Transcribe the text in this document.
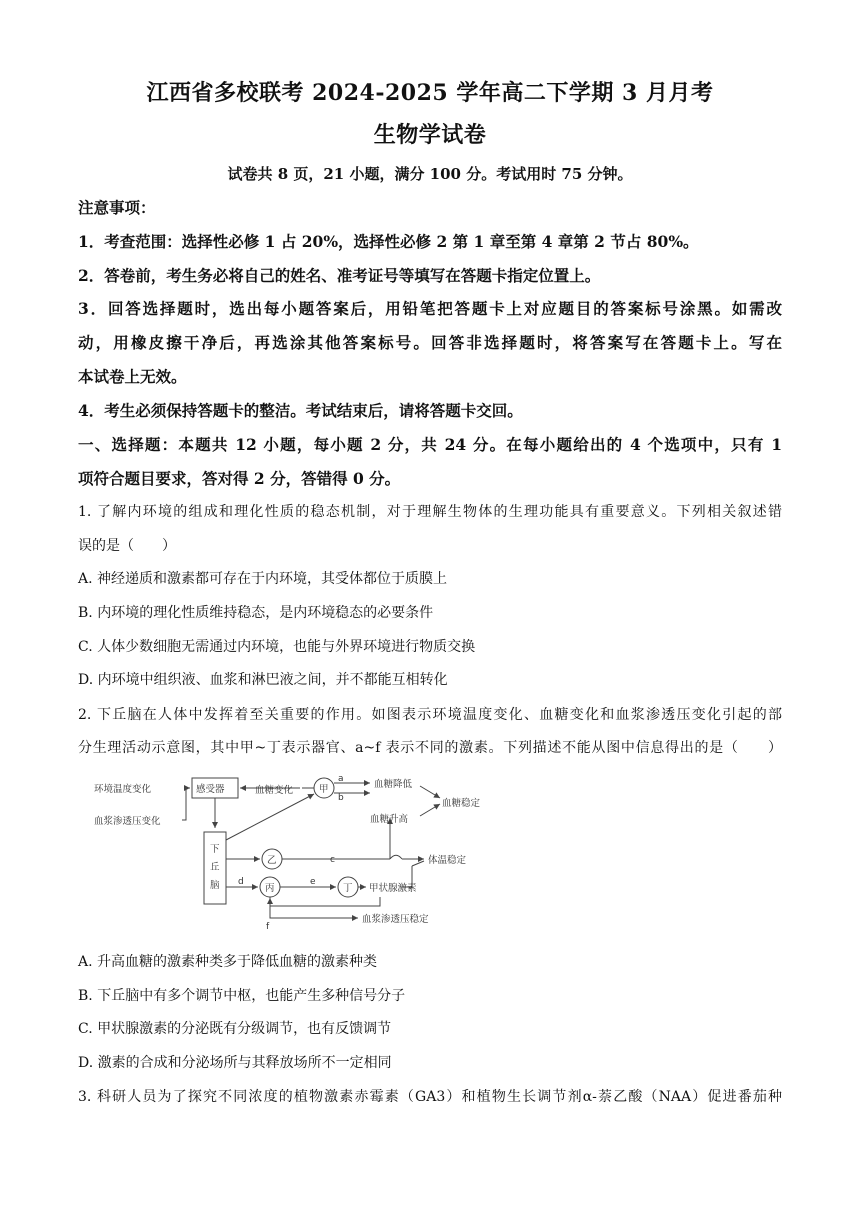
江西省多校联考 2024-2025 学年高二下学期 3 月月考
生物学试卷
试卷共 8 页，21 小题，满分 100 分。考试用时 75 分钟。
注意事项：
1．考查范围：选择性必修 1 占 20%，选择性必修 2 第 1 章至第 4 章第 2 节占 80%。
2．答卷前，考生务必将自己的姓名、准考证号等填写在答题卡指定位置上。
3．回答选择题时，选出每小题答案后，用铅笔把答题卡上对应题目的答案标号涂黑。如需改
动，用橡皮擦干净后，再选涂其他答案标号。回答非选择题时，将答案写在答题卡上。写在
本试卷上无效。
4．考生必须保持答题卡的整洁。考试结束后，请将答题卡交回。
一、选择题：本题共 12 小题，每小题 2 分，共 24 分。在每小题给出的 4 个选项中，只有 1
项符合题目要求，答对得 2 分，答错得 0 分。
1. 了解内环境的组成和理化性质的稳态机制，对于理解生物体的生理功能具有重要意义。下列相关叙述错
误的是（　　）
A. 神经递质和激素都可存在于内环境，其受体都位于质膜上
B. 内环境的理化性质维持稳态，是内环境稳态的必要条件
C. 人体少数细胞无需通过内环境，也能与外界环境进行物质交换
D. 内环境中组织液、血浆和淋巴液之间，并不都能互相转化
2. 下丘脑在人体中发挥着至关重要的作用。如图表示环境温度变化、血糖变化和血浆渗透压变化引起的部
分生理活动示意图，其中甲~丁表示器官、a~f 表示不同的激素。下列描述不能从图中信息得出的是（　　）
环境温度变化
血浆渗透压变化
感受器	血糖变化	甲
a
b
血糖降低
血糖升高
血糖稳定
下
丘
脑
乙	c	体温稳定
d
丙
e
丁 甲状腺激素
f
血浆渗透压稳定
A. 升高血糖的激素种类多于降低血糖的激素种类
B. 下丘脑中有多个调节中枢，也能产生多种信号分子
C. 甲状腺激素的分泌既有分级调节，也有反馈调节
D. 激素的合成和分泌场所与其释放场所不一定相同
3. 科研人员为了探究不同浓度的植物激素赤霉素（GA3）和植物生长调节剂α-萘乙酸（NAA）促进番茄种
